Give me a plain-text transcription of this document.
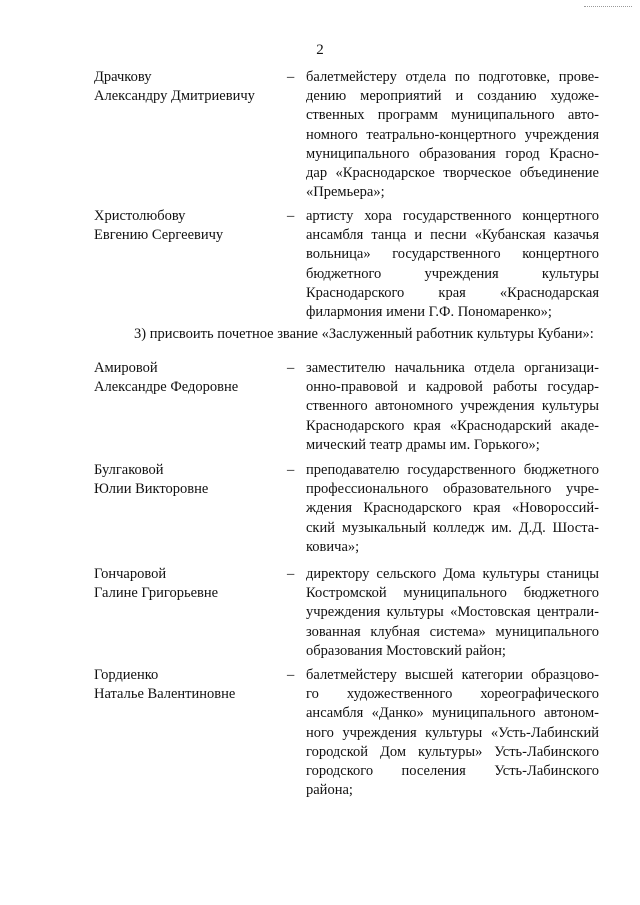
2
Драчкову
Александру Дмитриевичу
– балетмейстеру отдела по подготовке, прове-
дению мероприятий и созданию художе-
ственных программ муниципального авто-
номного театрально-концертного учреждения
муниципального образования город Красно-
дар «Краснодарское творческое объединение
«Премьера»;
Христолюбову
Евгению Сергеевичу
– артисту хора государственного концертного
ансамбля танца и песни «Кубанская казачья
вольница» государственного концертного
бюджетного учреждения культуры
Краснодарского края «Краснодарская
филармония имени Г.Ф. Пономаренко»;
3) присвоить почетное звание «Заслуженный работник культуры Кубани»:
Амировой
Александре Федоровне
– заместителю начальника отдела организаци-
онно-правовой и кадровой работы государ-
ственного автономного учреждения культуры
Краснодарского края «Краснодарский акаде-
мический театр драмы им. Горького»;
Булгаковой
Юлии Викторовне
– преподавателю государственного бюджетного
профессионального образовательного учре-
ждения Краснодарского края «Новороссий-
ский музыкальный колледж им. Д.Д. Шоста-
ковича»;
Гончаровой
Галине Григорьевне
– директору сельского Дома культуры станицы
Костромской муниципального бюджетного
учреждения культуры «Мостовская централи-
зованная клубная система» муниципального
образования Мостовский район;
Гордиенко
Наталье Валентиновне
– балетмейстеру высшей категории образцово-
го художественного хореографического
ансамбля «Данко» муниципального автоном-
ного учреждения культуры «Усть-Лабинский
городской Дом культуры» Усть-Лабинского
городского поселения Усть-Лабинского
района;
